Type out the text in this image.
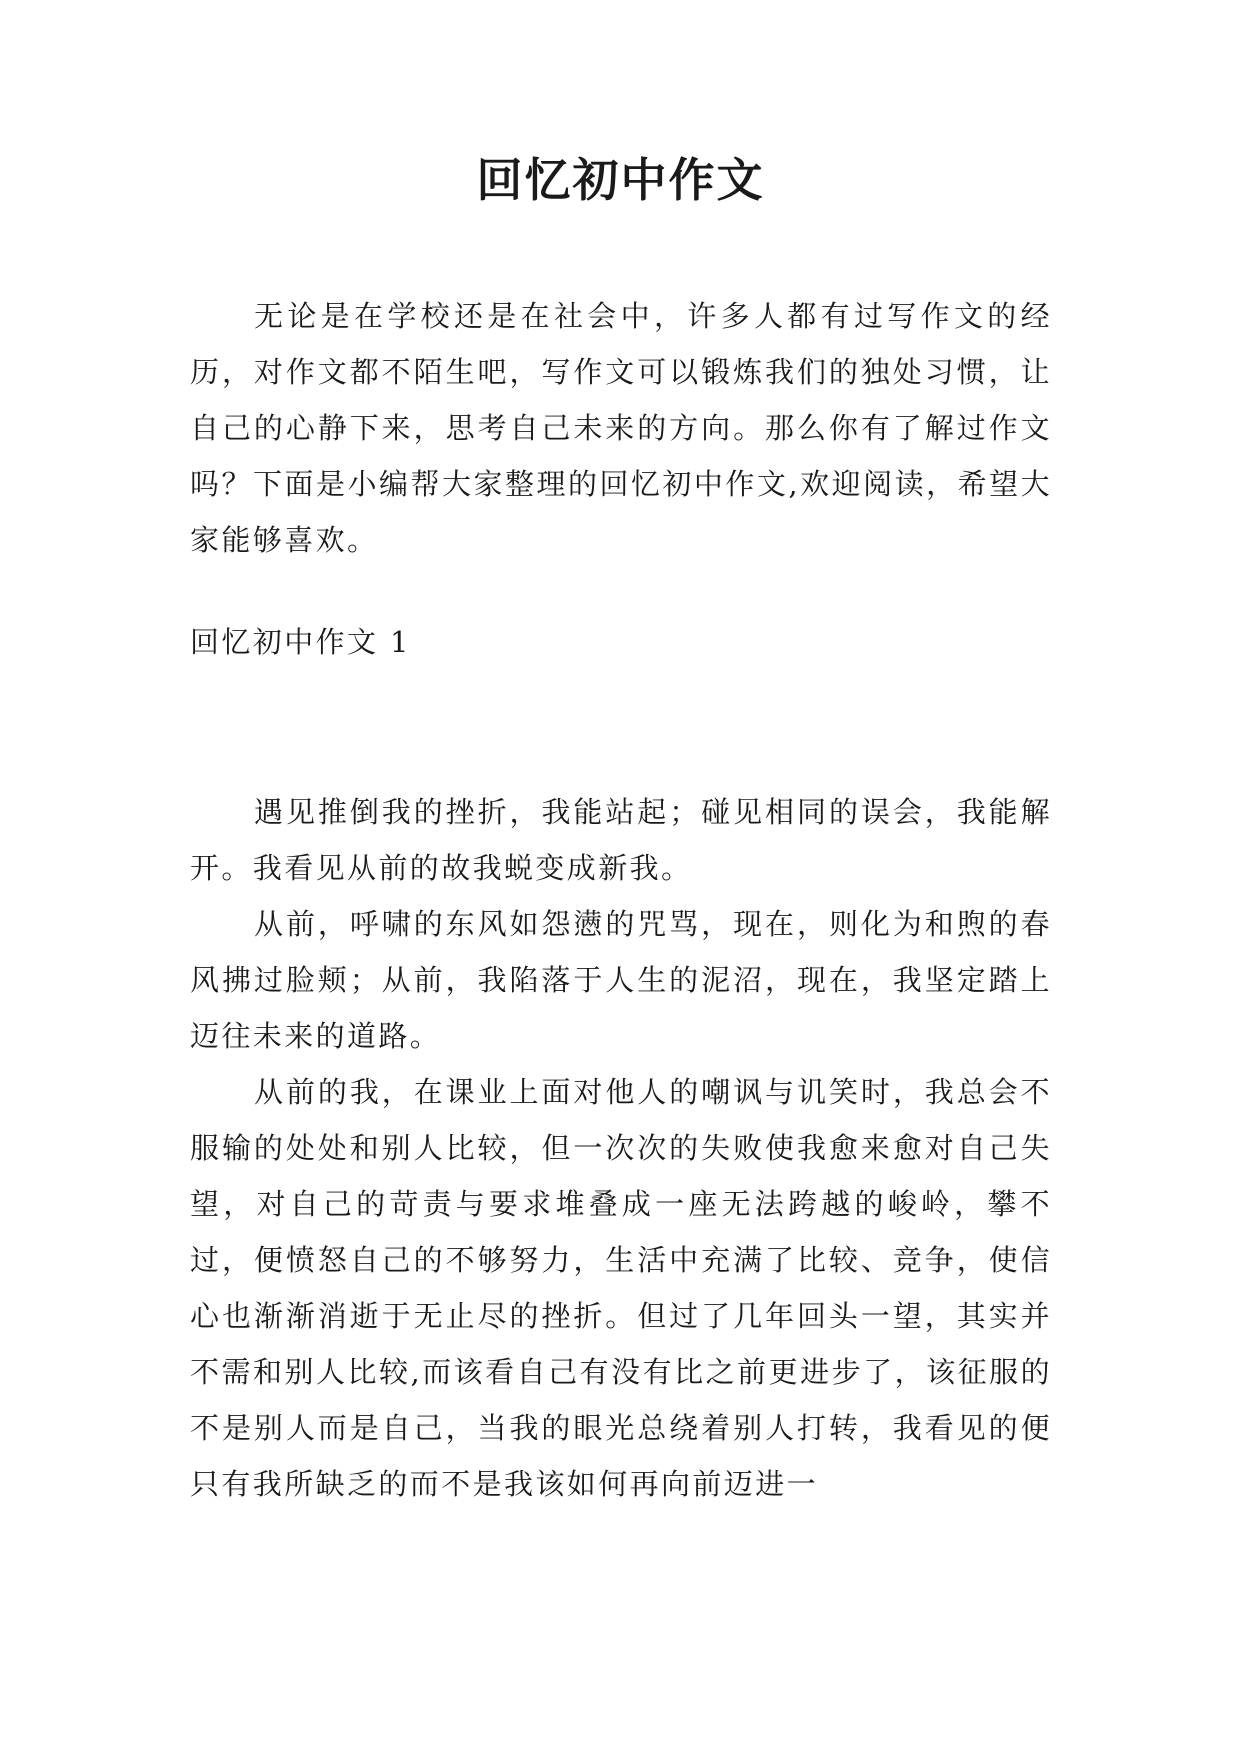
回忆初中作文

无论是在学校还是在社会中，许多人都有过写作文的经历，对作文都不陌生吧，写作文可以锻炼我们的独处习惯，让自己的心静下来，思考自己未来的方向。那么你有了解过作文吗？下面是小编帮大家整理的回忆初中作文,欢迎阅读，希望大家能够喜欢。

回忆初中作文 1

遇见推倒我的挫折，我能站起；碰见相同的误会，我能解开。我看见从前的故我蜕变成新我。

从前，呼啸的东风如怨懑的咒骂，现在，则化为和煦的春风拂过脸颊；从前，我陷落于人生的泥沼，现在，我坚定踏上迈往未来的道路。

从前的我，在课业上面对他人的嘲讽与讥笑时，我总会不服输的处处和别人比较，但一次次的失败使我愈来愈对自己失望，对自己的苛责与要求堆叠成一座无法跨越的峻岭，攀不过，便愤怒自己的不够努力，生活中充满了比较、竞争，使信心也渐渐消逝于无止尽的挫折。但过了几年回头一望，其实并不需和别人比较,而该看自己有没有比之前更进步了，该征服的不是别人而是自己，当我的眼光总绕着别人打转，我看见的便只有我所缺乏的而不是我该如何再向前迈进一
